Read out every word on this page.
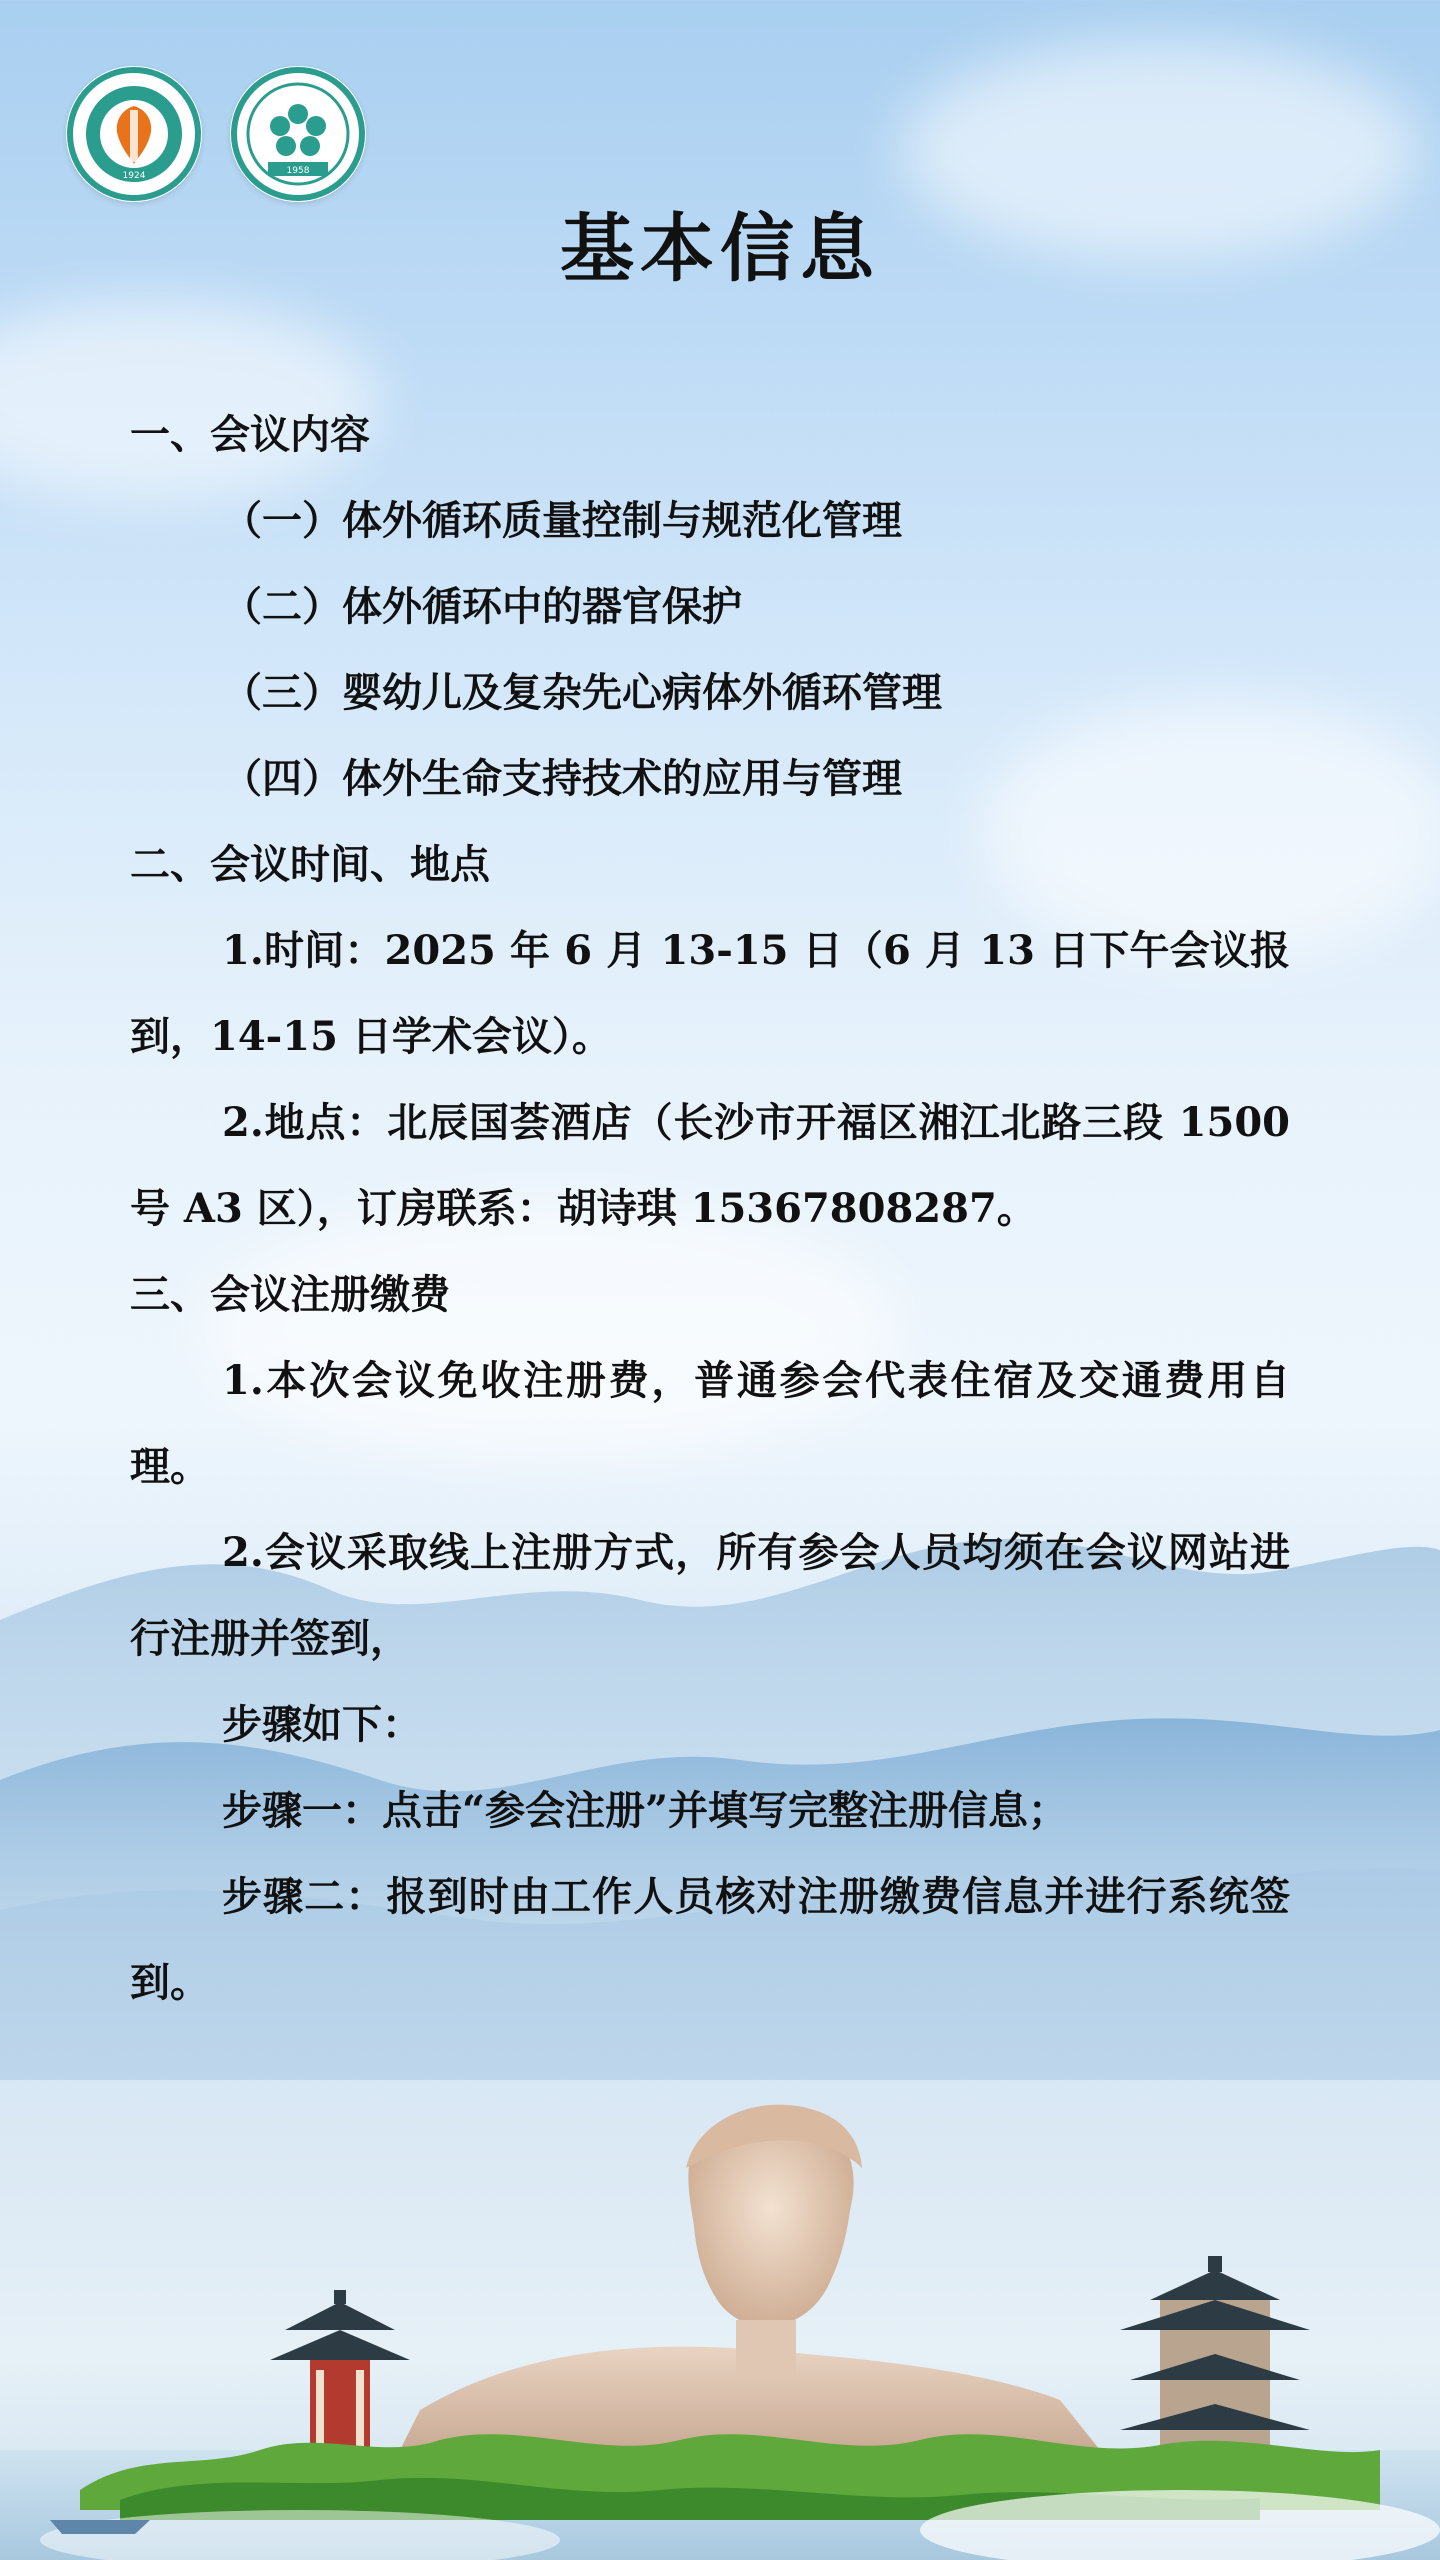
1924	1958
基本信息

一、会议内容

（一）体外循环质量控制与规范化管理

（二）体外循环中的器官保护

（三）婴幼儿及复杂先心病体外循环管理

（四）体外生命支持技术的应用与管理

二、会议时间、地点

1.时间：2025 年 6 月 13-15 日（6 月 13 日下午会议报到，14-15 日学术会议）。

2.地点：北辰国荟酒店（长沙市开福区湘江北路三段 1500 号 A3 区），订房联系：胡诗琪 15367808287。

三、会议注册缴费

1.本次会议免收注册费，普通参会代表住宿及交通费用自理。

2.会议采取线上注册方式，所有参会人员均须在会议网站进行注册并签到，

步骤如下：

步骤一：点击“参会注册”并填写完整注册信息；

步骤二：报到时由工作人员核对注册缴费信息并进行系统签到。
